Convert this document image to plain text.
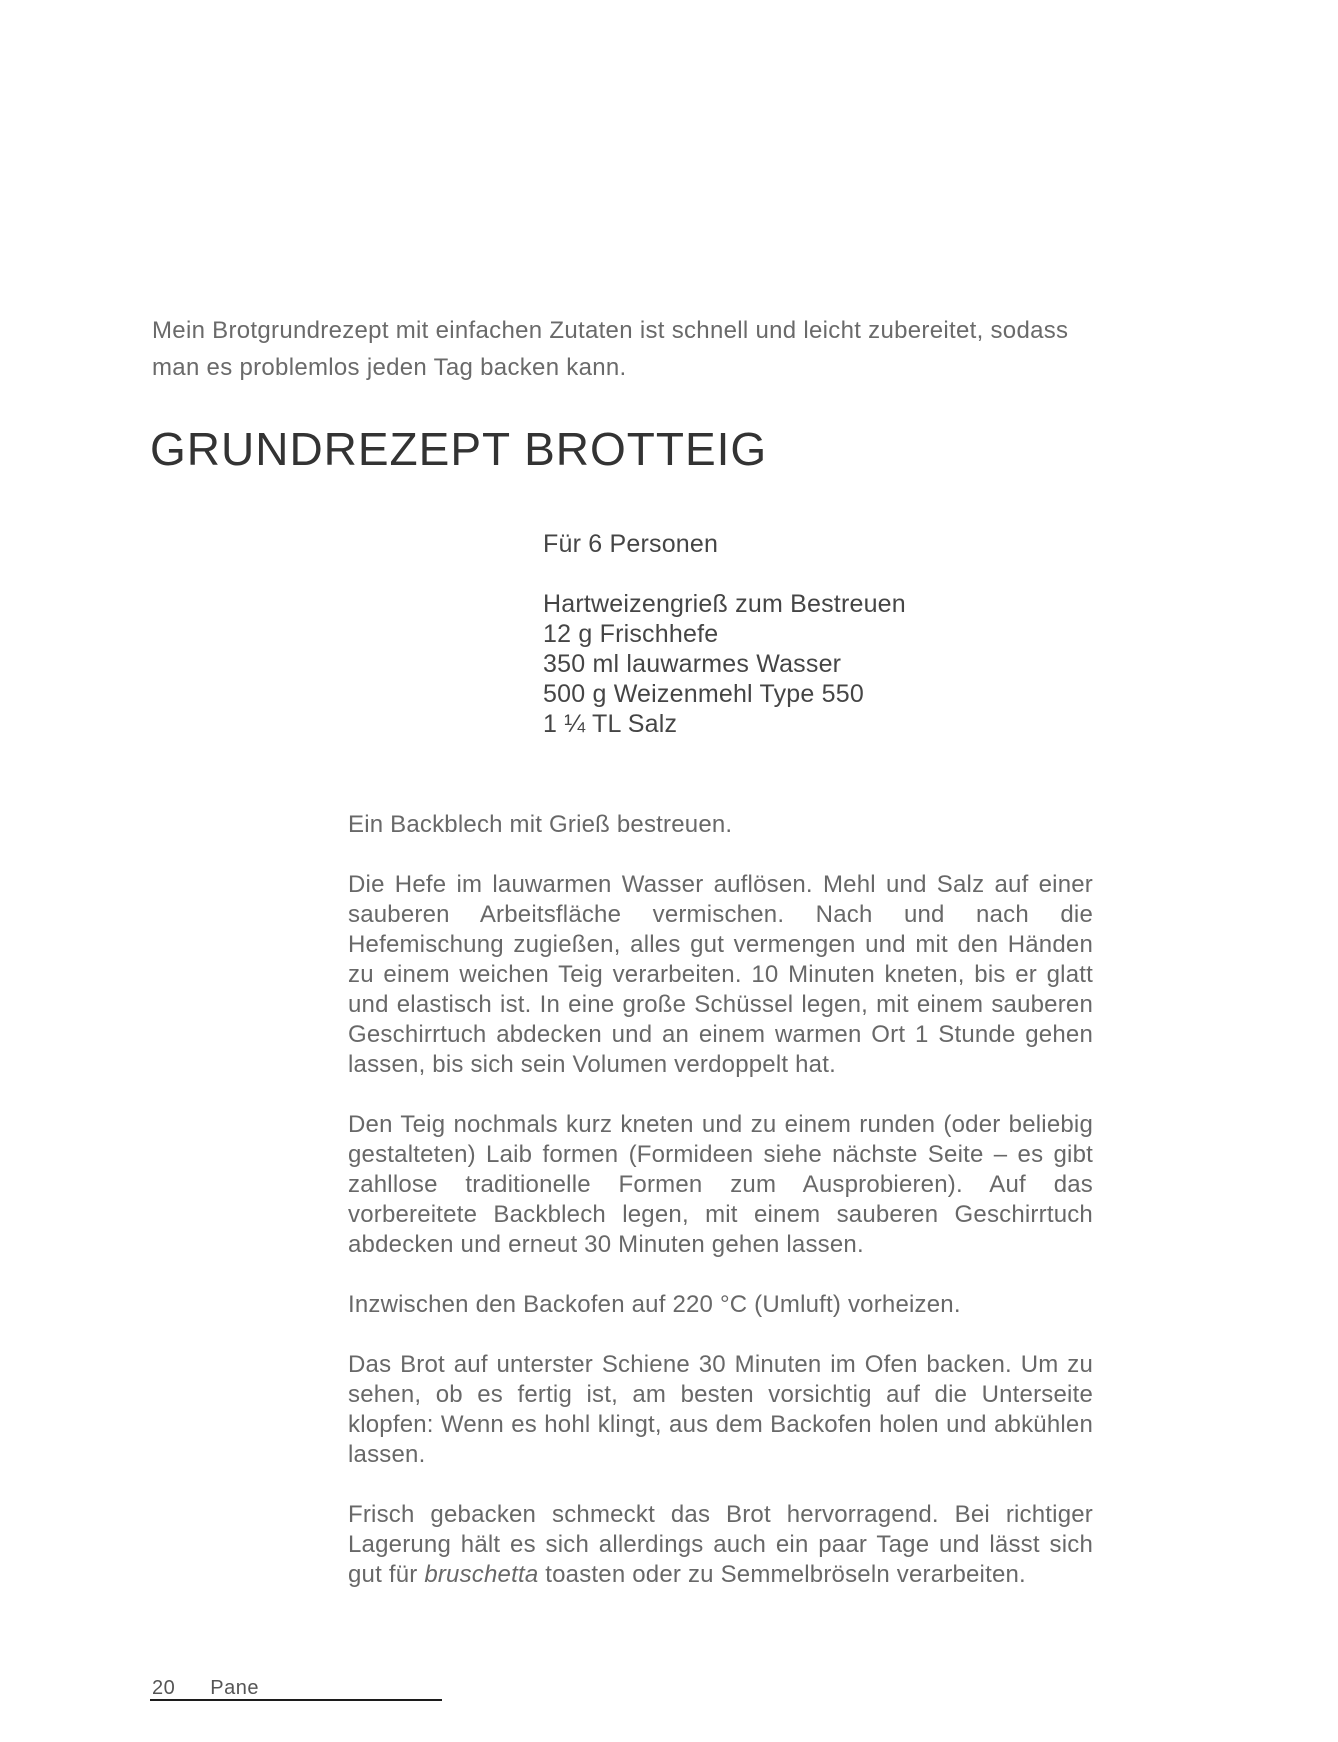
Mein Brotgrundrezept mit einfachen Zutaten ist schnell und leicht zubereitet, sodass man es problemlos jeden Tag backen kann.

GRUNDREZEPT BROTTEIG

Für 6 Personen

Hartweizengrieß zum Bestreuen
12 g Frischhefe
350 ml lauwarmes Wasser
500 g Weizenmehl Type 550
1 ¼ TL Salz

Ein Backblech mit Grieß bestreuen.

Die Hefe im lauwarmen Wasser auflösen. Mehl und Salz auf einer sauberen Arbeitsfläche vermischen. Nach und nach die Hefemischung zugießen, alles gut vermengen und mit den Händen zu einem weichen Teig verarbeiten. 10 Minuten kneten, bis er glatt und elastisch ist. In eine große Schüssel legen, mit einem sauberen Geschirrtuch abdecken und an einem warmen Ort 1 Stunde gehen lassen, bis sich sein Volumen verdoppelt hat.

Den Teig nochmals kurz kneten und zu einem runden (oder beliebig gestalteten) Laib formen (Formideen siehe nächste Seite – es gibt zahllose traditionelle Formen zum Ausprobieren). Auf das vorbereitete Backblech legen, mit einem sauberen Geschirrtuch abdecken und erneut 30 Minuten gehen lassen.

Inzwischen den Backofen auf 220 °C (Umluft) vorheizen.

Das Brot auf unterster Schiene 30 Minuten im Ofen backen. Um zu sehen, ob es fertig ist, am besten vorsichtig auf die Unterseite klopfen: Wenn es hohl klingt, aus dem Backofen holen und abkühlen lassen.

Frisch gebacken schmeckt das Brot hervorragend. Bei richtiger Lagerung hält es sich allerdings auch ein paar Tage und lässt sich gut für bruschetta toasten oder zu Semmelbröseln verarbeiten.

20 Pane
